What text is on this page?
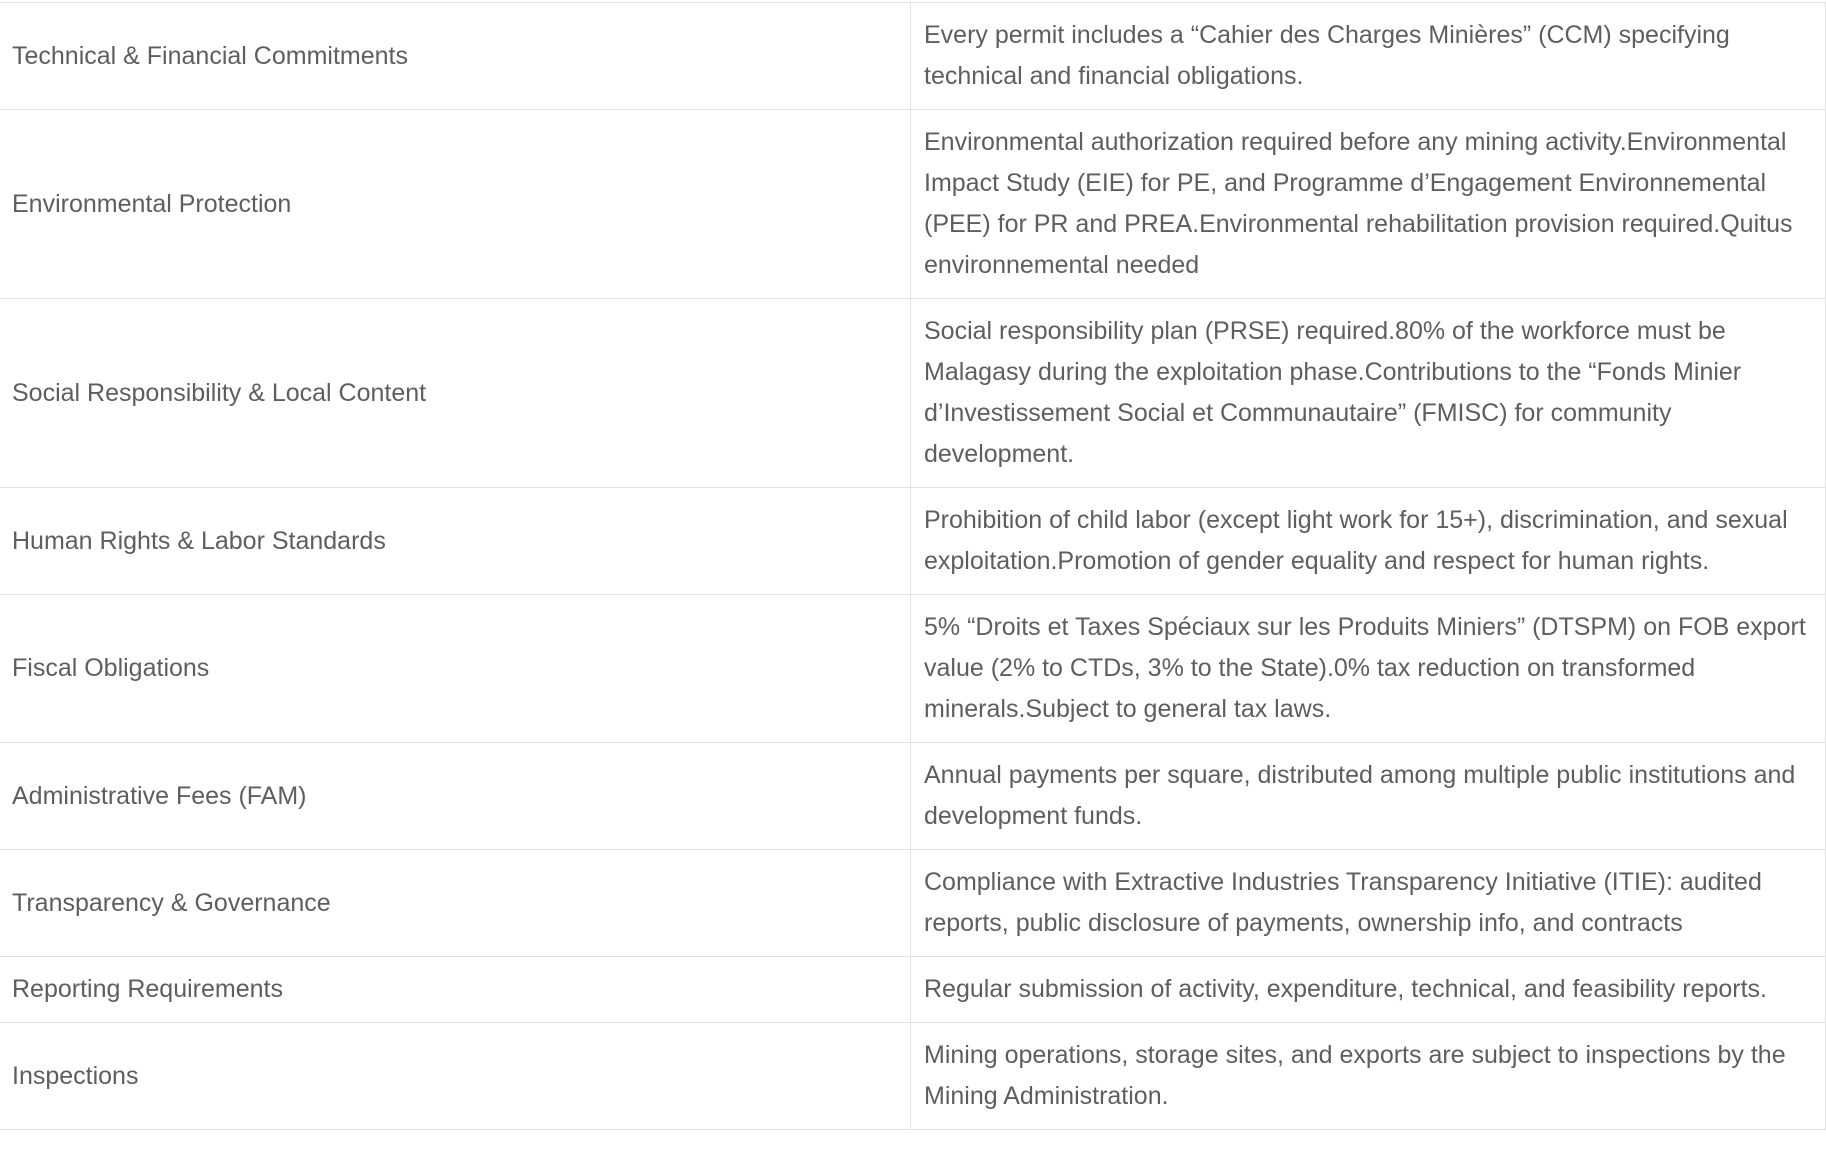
Technical & Financial Commitments
Every permit includes a “Cahier des Charges Minières” (CCM) specifying technical and financial obligations.
Environmental Protection
Environmental authorization required before any mining activity.Environmental Impact Study (EIE) for PE, and Programme d’Engagement Environnemental (PEE) for PR and PREA.Environmental rehabilitation provision required.Quitus environnemental needed
Social Responsibility & Local Content
Social responsibility plan (PRSE) required.80% of the workforce must be Malagasy during the exploitation phase.Contributions to the “Fonds Minier d’Investissement Social et Communautaire” (FMISC) for community development.
Human Rights & Labor Standards
Prohibition of child labor (except light work for 15+), discrimination, and sexual exploitation.Promotion of gender equality and respect for human rights.
Fiscal Obligations
5% “Droits et Taxes Spéciaux sur les Produits Miniers” (DTSPM) on FOB export value (2% to CTDs, 3% to the State).0% tax reduction on transformed minerals.Subject to general tax laws.
Administrative Fees (FAM)
Annual payments per square, distributed among multiple public institutions and development funds.
Transparency & Governance
Compliance with Extractive Industries Transparency Initiative (ITIE): audited reports, public disclosure of payments, ownership info, and contracts
Reporting Requirements	Regular submission of activity, expenditure, technical, and feasibility reports.
Inspections
Mining operations, storage sites, and exports are subject to inspections by the Mining Administration.
